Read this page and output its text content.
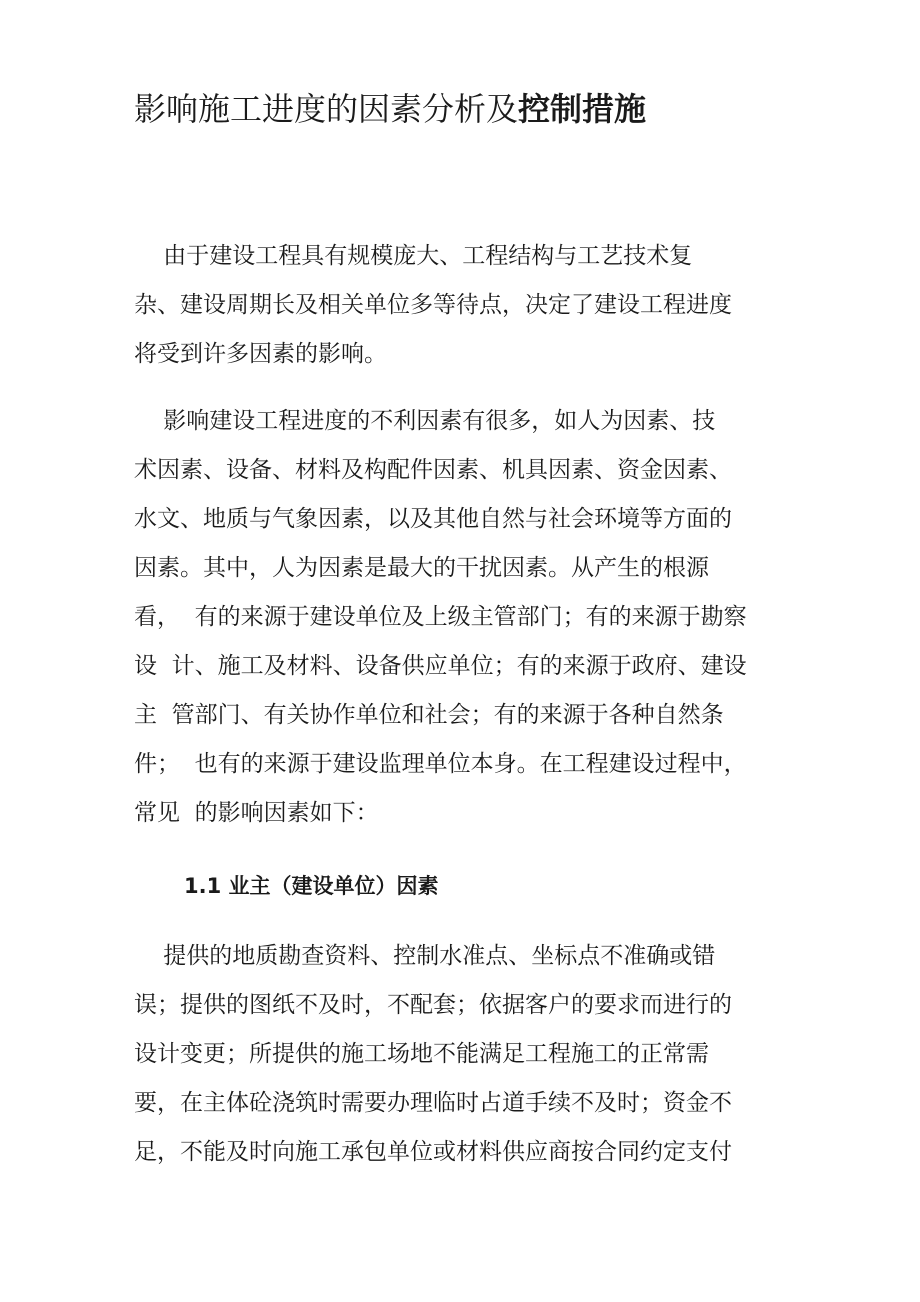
影响施工进度的因素分析及控制措施

由于建设工程具有规模庞大、工程结构与工艺技术复
杂、建设周期长及相关单位多等待点，决定了建设工程进度
将受到许多因素的影响。

影响建设工程进度的不利因素有很多，如人为因素、技
术因素、设备、材料及构配件因素、机具因素、资金因素、
水文、地质与气象因素，以及其他自然与社会环境等方面的
因素。其中，人为因素是最大的干扰因素。从产生的根源
看，  有的来源于建设单位及上级主管部门；有的来源于勘察
设  计、施工及材料、设备供应单位；有的来源于政府、建设
主  管部门、有关协作单位和社会；有的来源于各种自然条
件；  也有的来源于建设监理单位本身。在工程建设过程中，
常见  的影响因素如下：

1.1 业主（建设单位）因素

提供的地质勘查资料、控制水准点、坐标点不准确或错
误；提供的图纸不及时，不配套；依据客户的要求而进行的
设计变更；所提供的施工场地不能满足工程施工的正常需
要，在主体砼浇筑时需要办理临时占道手续不及时；资金不
足，不能及时向施工承包单位或材料供应商按合同约定支付
